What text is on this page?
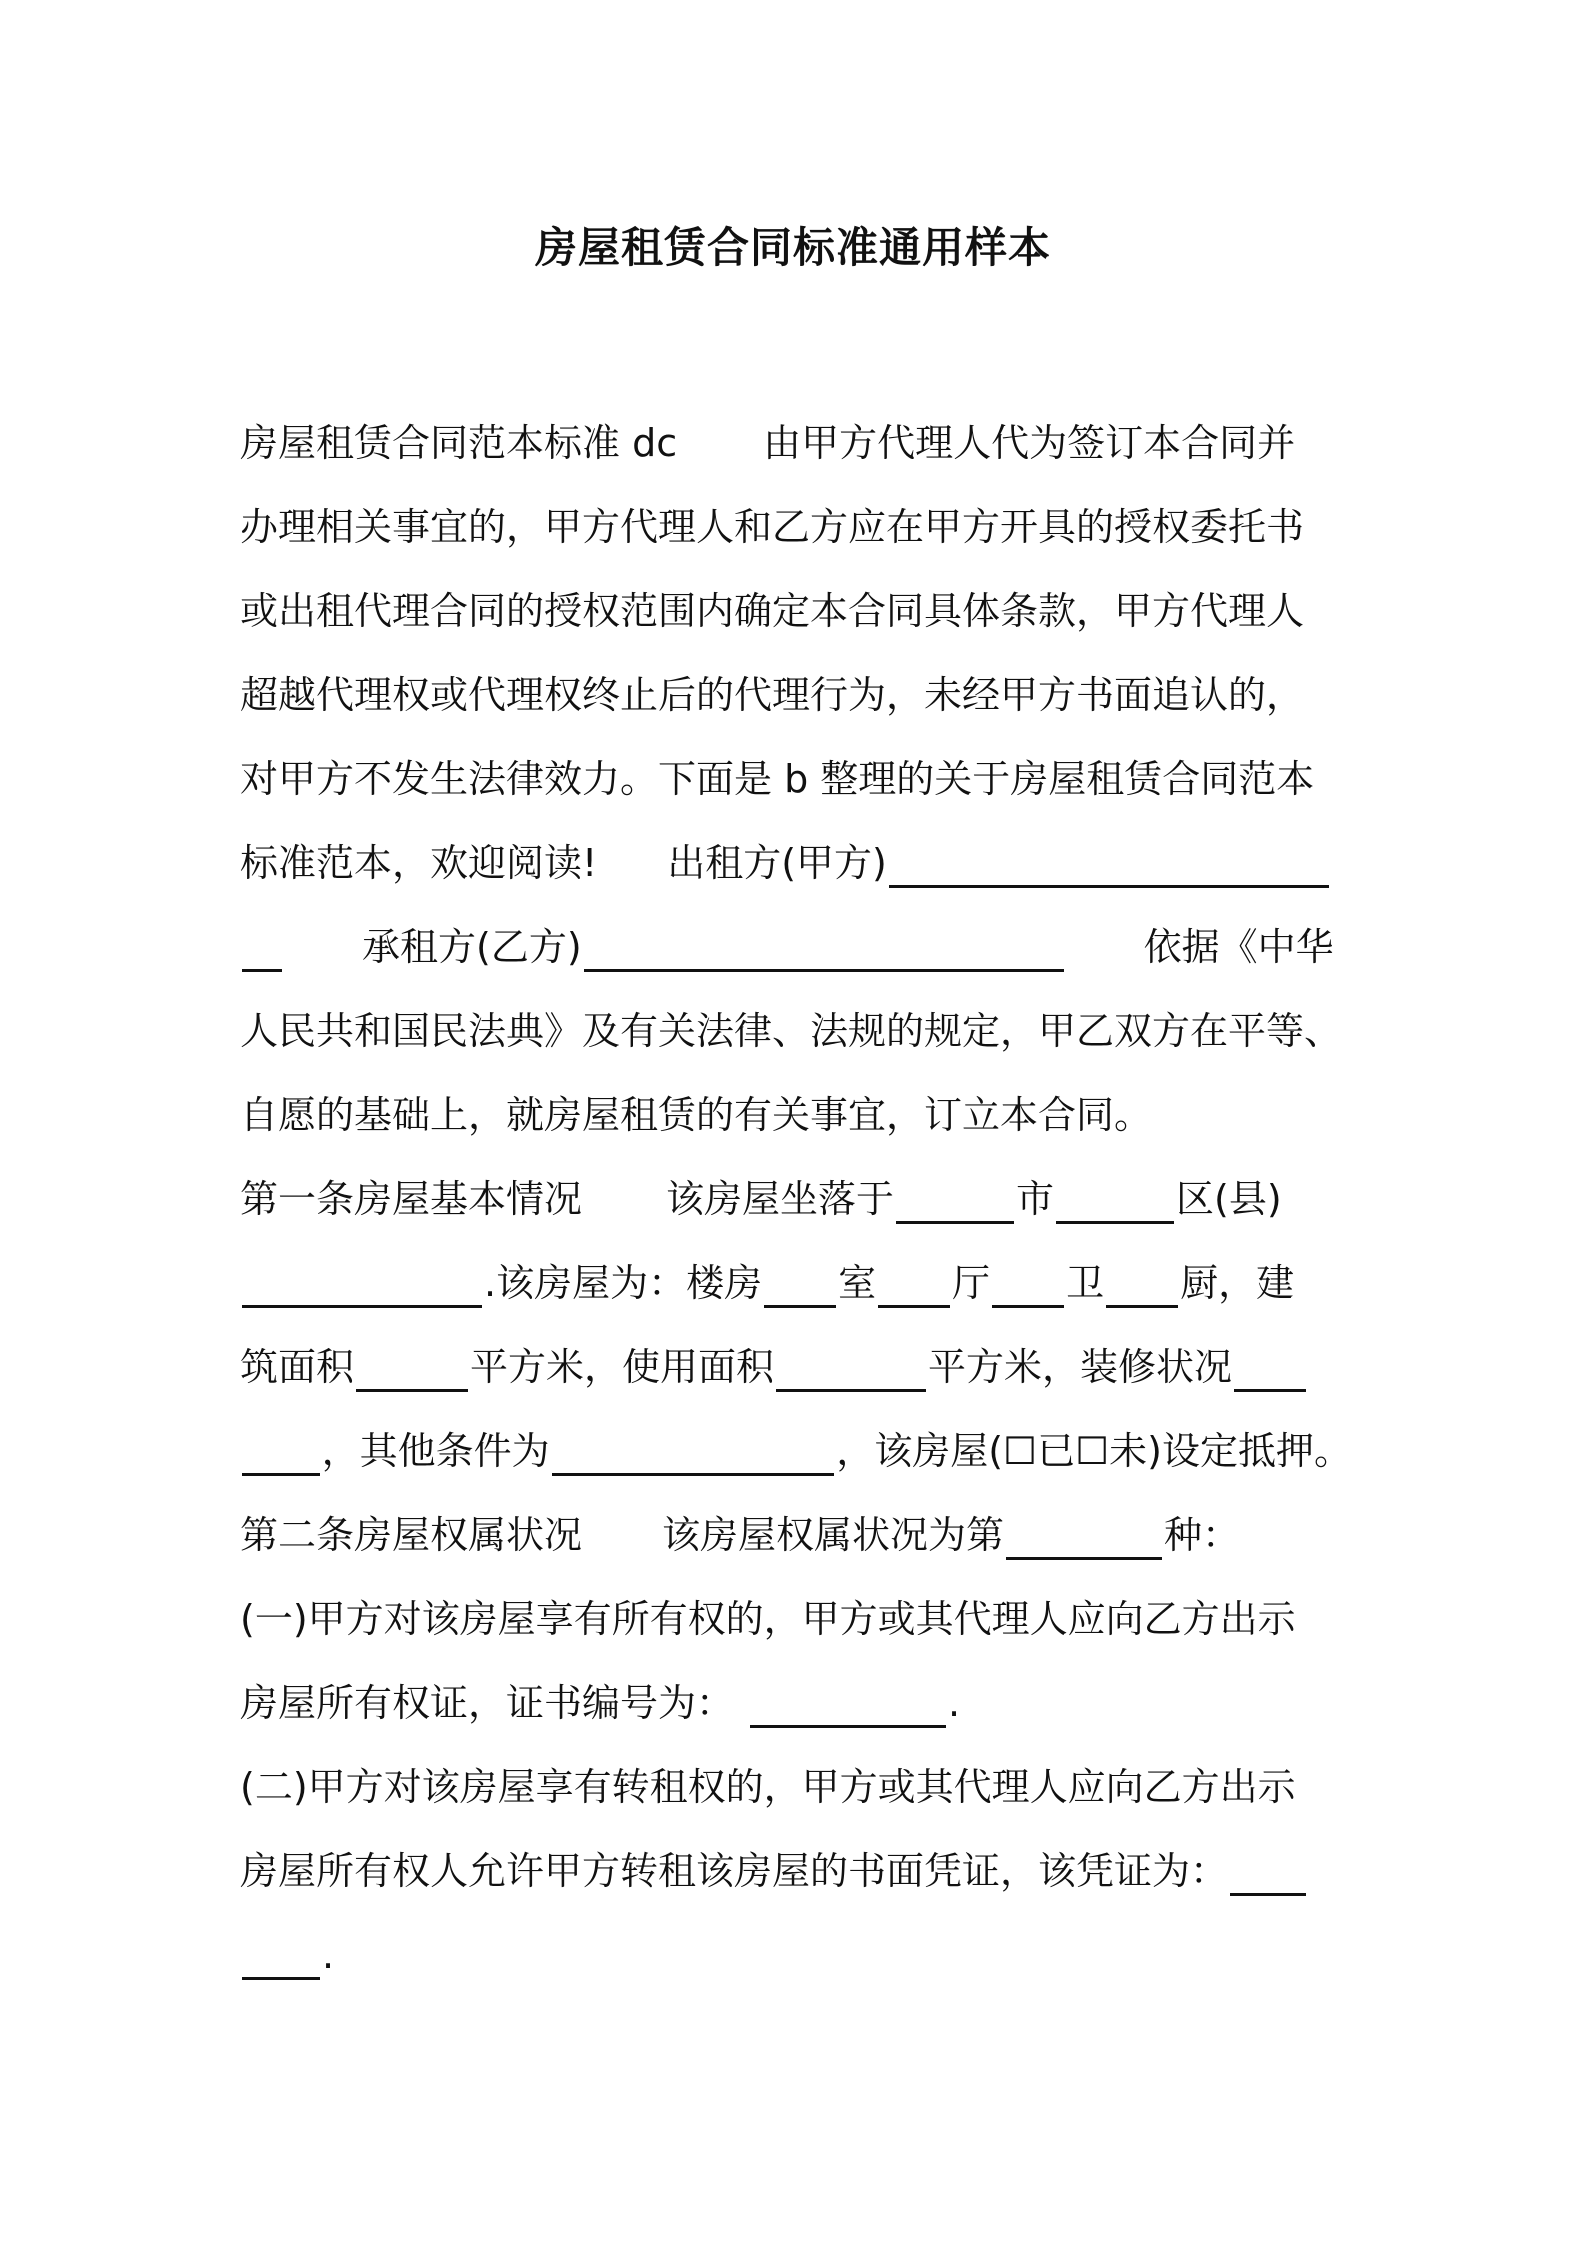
房屋租赁合同标准通用样本
房屋租赁合同范本标准 dc 由甲方代理人代为签订本合同并
办理相关事宜的，甲方代理人和乙方应在甲方开具的授权委托书
或出租代理合同的授权范围内确定本合同具体条款，甲方代理人
超越代理权或代理权终止后的代理行为，未经甲方书面追认的，
对甲方不发生法律效力。下面是 b 整理的关于房屋租赁合同范本
标准范本，欢迎阅读! 出租方(甲方)
承租方(乙方)	依据《中华
人民共和国民法典》及有关法律、法规的规定，甲乙双方在平等、
自愿的基础上，就房屋租赁的有关事宜，订立本合同。
第一条房屋基本情况 该房屋坐落于	市	区(县)
.该房屋为：楼房 室 厅 卫 厨，建
筑面积	平方米，使用面积	平方米，装修状况
，其他条件为	，该房屋(☐已☐未)设定抵押。
第二条房屋权属状况 该房屋权属状况为第	种：
(一)甲方对该房屋享有所有权的，甲方或其代理人应向乙方出示
房屋所有权证，证书编号为：	.
(二)甲方对该房屋享有转租权的，甲方或其代理人应向乙方出示
房屋所有权人允许甲方转租该房屋的书面凭证，该凭证为：
.
